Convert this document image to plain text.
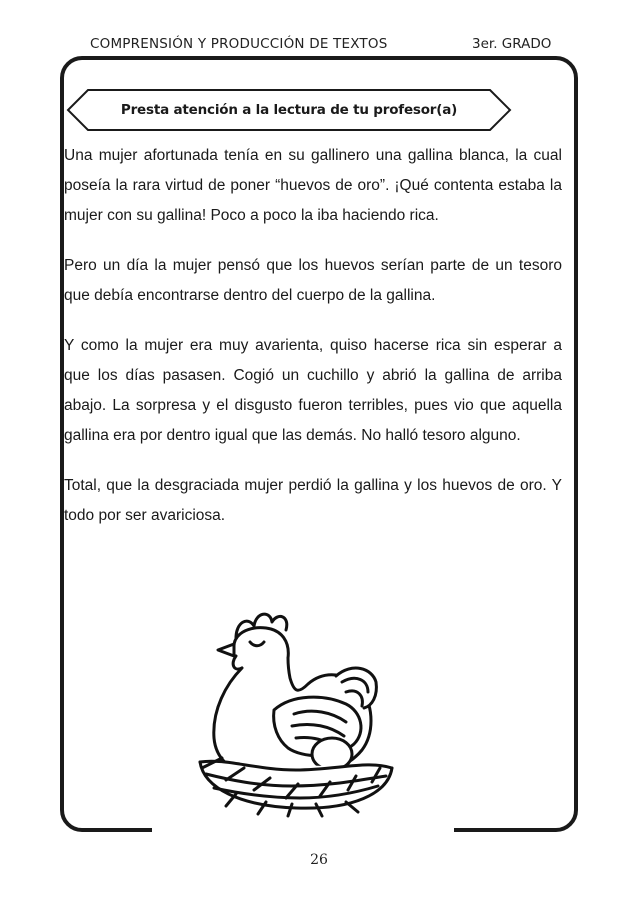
COMPRENSIÓN Y PRODUCCIÓN DE TEXTOS	3er. GRADO
Presta atención a la lectura de tu profesor(a)

Una mujer afortunada tenía en su gallinero una gallina blanca, la cual poseía la rara virtud de poner “huevos de oro”. ¡Qué contenta estaba la mujer con su gallina! Poco a poco la iba haciendo rica.

Pero un día la mujer pensó que los huevos serían parte de un tesoro que debía encontrarse dentro del cuerpo de la gallina.

Y como la mujer era muy avarienta, quiso hacerse rica sin esperar a que los días pasasen. Cogió un cuchillo y abrió la gallina de arriba abajo. La sorpresa y el disgusto fueron terribles, pues vio que aquella gallina era por dentro igual que las demás. No halló tesoro alguno.

Total, que la desgraciada mujer perdió la gallina y los huevos de oro. Y todo por ser avariciosa.

26
